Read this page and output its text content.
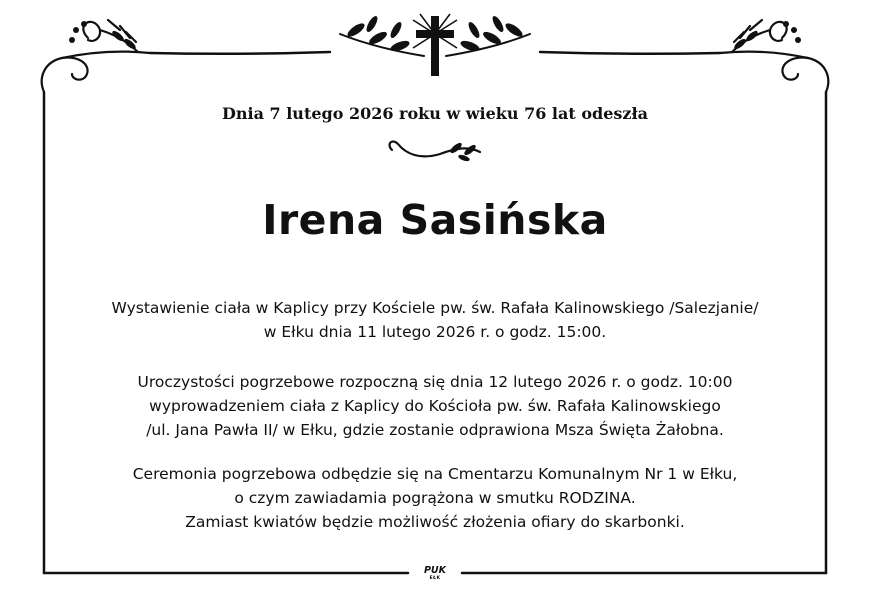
Dnia 7 lutego 2026 roku w wieku 76 lat odeszła

Irena Sasińska

Wystawienie ciała w Kaplicy przy Kościele pw. św. Rafała Kalinowskiego /Salezjanie/
w Ełku dnia 11 lutego 2026 r. o godz. 15:00.
Uroczystości pogrzebowe rozpoczną się dnia 12 lutego 2026 r. o godz. 10:00
wyprowadzeniem ciała z Kaplicy do Kościoła pw. św. Rafała Kalinowskiego
/ul. Jana Pawła II/ w Ełku, gdzie zostanie odprawiona Msza Święta Żałobna.
Ceremonia pogrzebowa odbędzie się na Cmentarzu Komunalnym Nr 1 w Ełku,
o czym zawiadamia pogrążona w smutku RODZINA.
Zamiast kwiatów będzie możliwość złożenia ofiary do skarbonki.
PUK
EŁK
